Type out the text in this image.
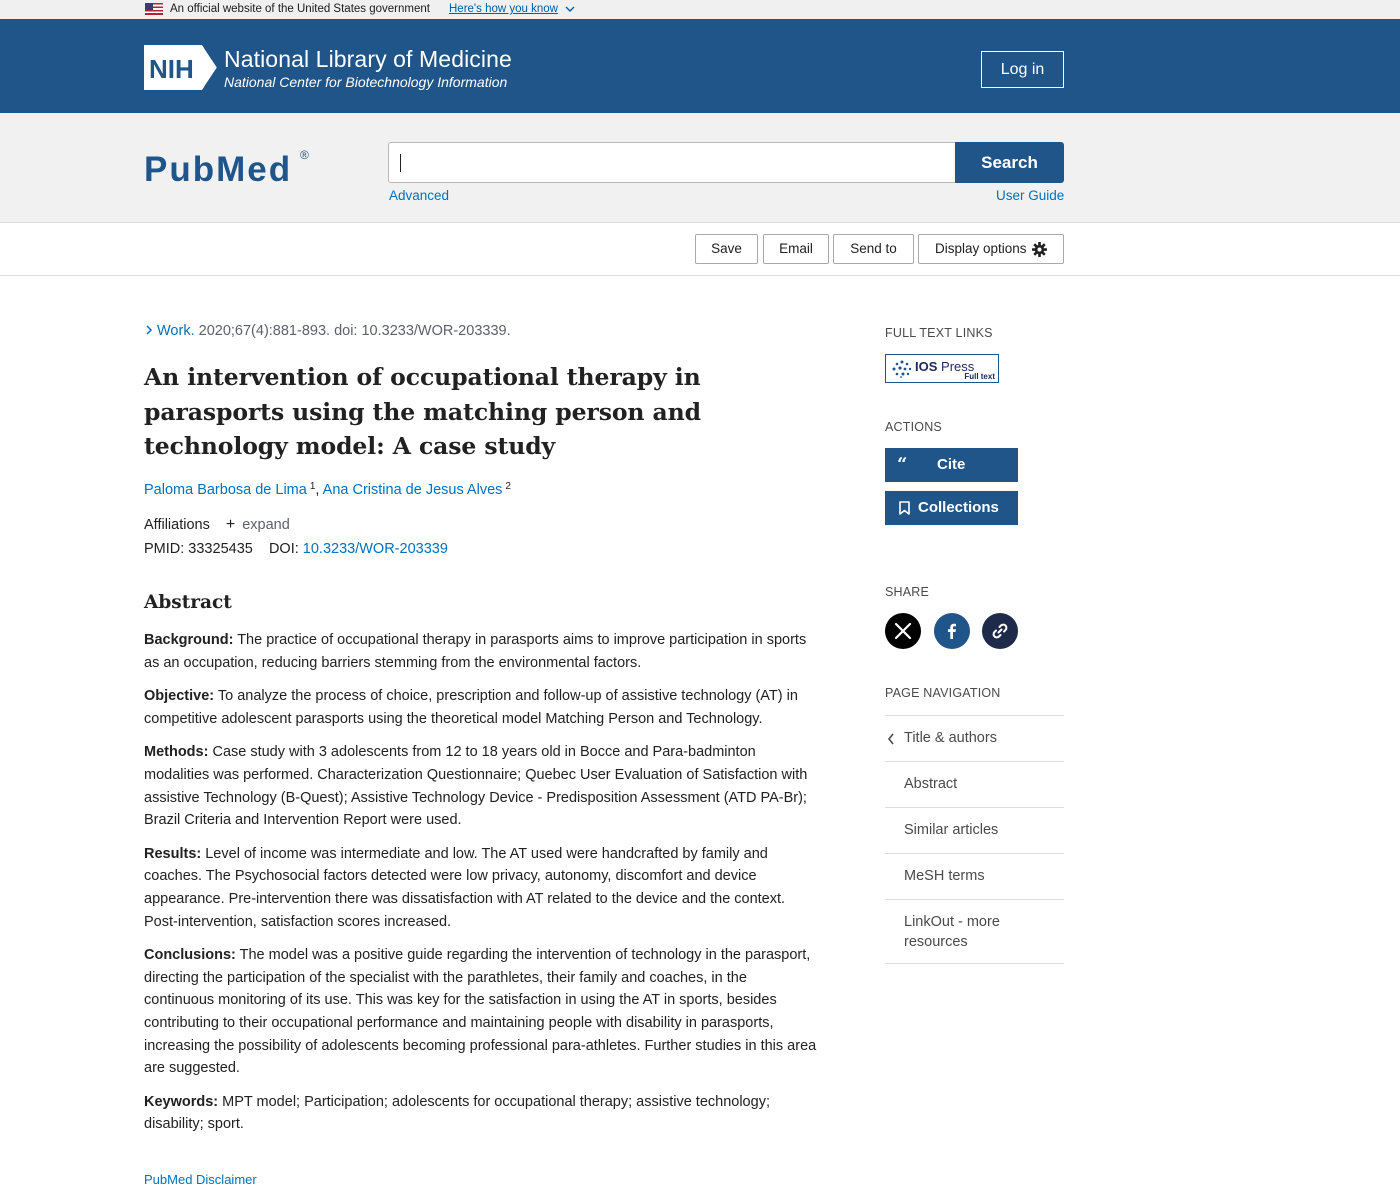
An official website of the United States government Here's how you know
NIH National Library of Medicine
National Center for Biotechnology Information
Log in
PubMed ®	Search
Advanced	User Guide
Save	Email	Send to	Display options
Work. 2020;67(4):881-893. doi: 10.3233/WOR-203339.
An intervention of occupational therapy in parasports using the matching person and technology model: A case study
Paloma Barbosa de Lima $^1$, Ana Cristina de Jesus Alves $^2$
Affiliations + expand
PMID: 33325435 DOI: 10.3233/WOR-203339
Abstract

Background: The practice of occupational therapy in parasports aims to improve participation in sports as an occupation, reducing barriers stemming from the environmental factors.

Objective: To analyze the process of choice, prescription and follow-up of assistive technology (AT) in competitive adolescent parasports using the theoretical model Matching Person and Technology.

Methods: Case study with 3 adolescents from 12 to 18 years old in Bocce and Para-badminton modalities was performed. Characterization Questionnaire; Quebec User Evaluation of Satisfaction with assistive Technology (B-Quest); Assistive Technology Device - Predisposition Assessment (ATD PA-Br); Brazil Criteria and Intervention Report were used.

Results: Level of income was intermediate and low. The AT used were handcrafted by family and coaches. The Psychosocial factors detected were low privacy, autonomy, discomfort and device appearance. Pre-intervention there was dissatisfaction with AT related to the device and the context. Post-intervention, satisfaction scores increased.

Conclusions: The model was a positive guide regarding the intervention of technology in the parasport, directing the participation of the specialist with the parathletes, their family and coaches, in the continuous monitoring of its use. This was key for the satisfaction in using the AT in sports, besides contributing to their occupational performance and maintaining people with disability in parasports, increasing the possibility of adolescents becoming professional para-athletes. Further studies in this area are suggested.

Keywords: MPT model; Participation; adolescents for occupational therapy; assistive technology; disability; sport.

PubMed Disclaimer
FULL TEXT LINKS
IOS Press
Full text
ACTIONS
“ Cite
Collections
SHARE
PAGE NAVIGATION
Title & authors
Abstract
Similar articles
MeSH terms
LinkOut - more resources
